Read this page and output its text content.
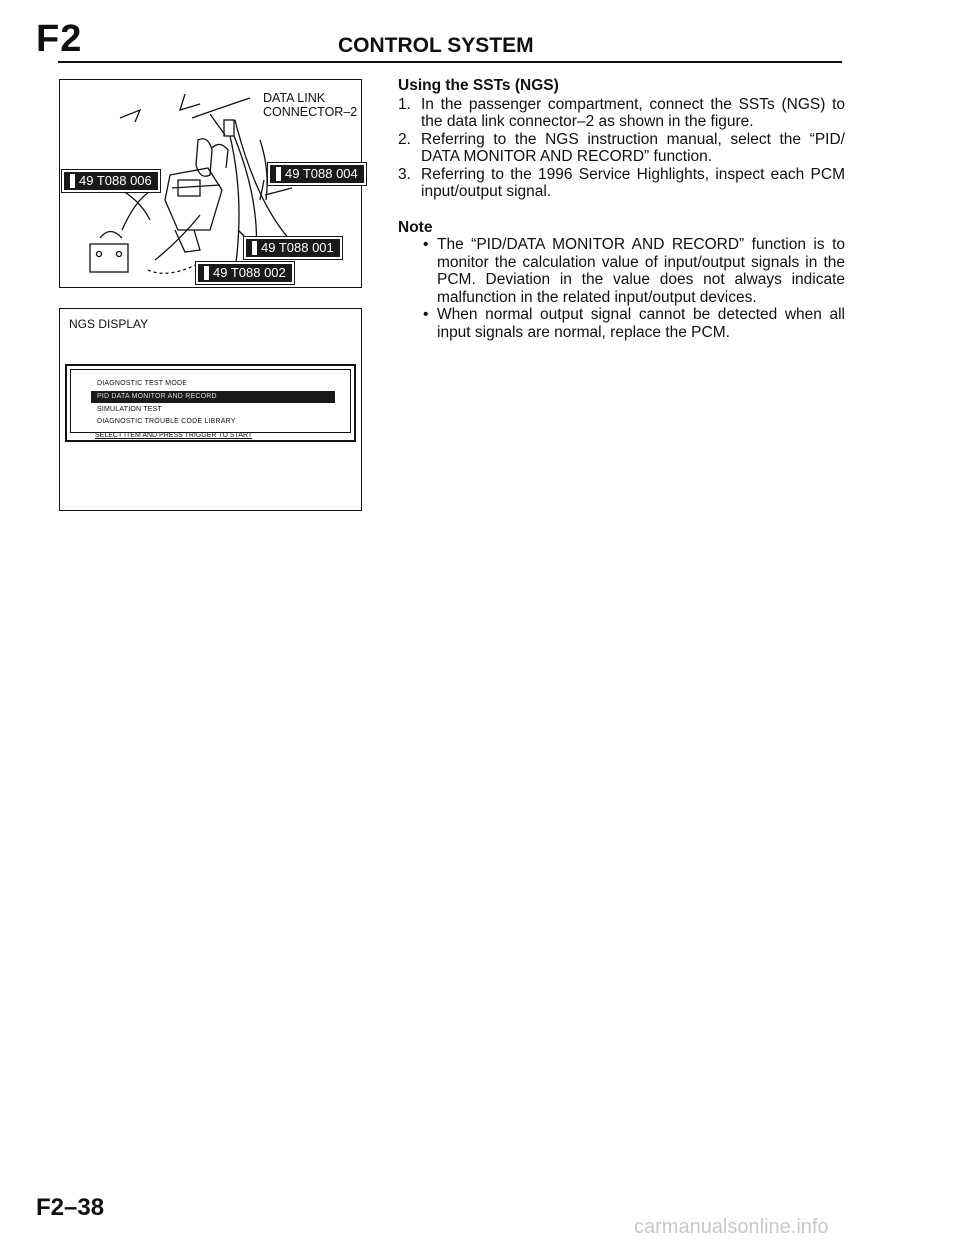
F2	CONTROL SYSTEM
DATA LINK
CONNECTOR–2
49 T088 006	49 T088 004
49 T088 001
49 T088 002
NGS DISPLAY
DIAGNOSTIC TEST MODE
PID DATA MONITOR AND RECORD
SIMULATION TEST
DIAGNOSTIC TROUBLE CODE LIBRARY
SELECT ITEM AND PRESS TRIGGER TO START
Using the SSTs (NGS)
1. In the passenger compartment, connect the SSTs (NGS) to the data link connector–2 as shown in the figure.
2. Referring to the NGS instruction manual, select the “PID/ DATA MONITOR AND RECORD” function.
3. Referring to the 1996 Service Highlights, inspect each PCM input/output signal.
Note
• The “PID/DATA MONITOR AND RECORD” function is to monitor the calculation value of input/output signals in the PCM. Deviation in the value does not always indicate malfunction in the related input/output devices.
• When normal output signal cannot be detected when all input signals are normal, replace the PCM.
F2–38
carmanualsonline.info
